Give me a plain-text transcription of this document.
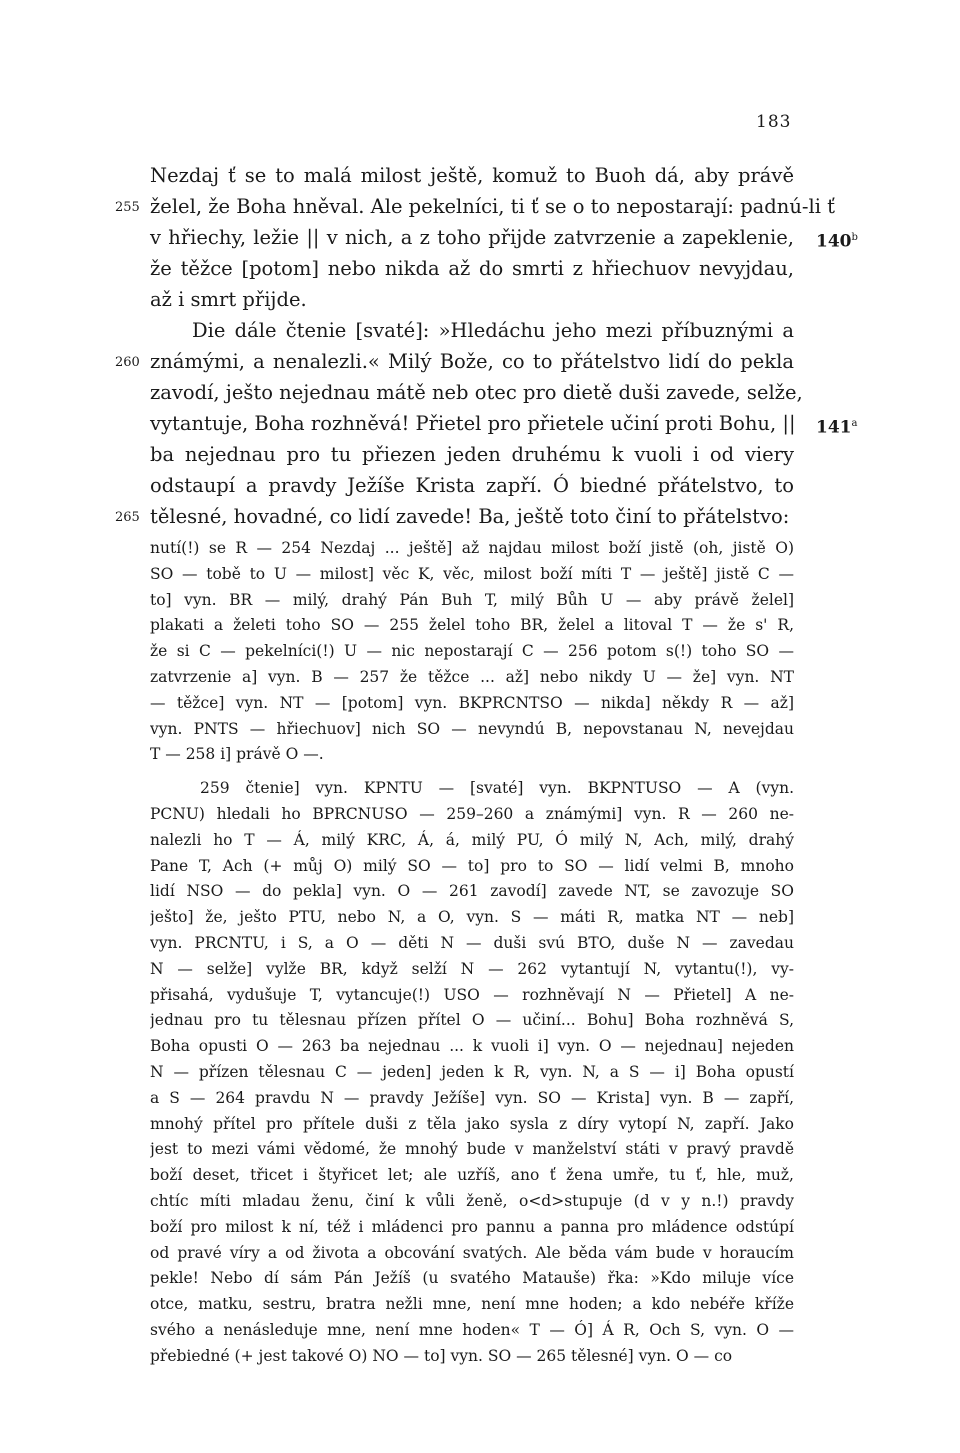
183
Nezdaj ť se to malá milost ještě, komuž to Buoh dá, aby právě
255 želel, že Boha hněval. Ale pekelníci, ti ť se o to nepostarají: padnú-li ť
v hřiechy, ležie || v nich, a z toho přijde zatvrzenie a zapeklenie, 140$^b$
že těžce [potom] nebo nikda až do smrti z hřiechuov nevyjdau,
až i smrt přijde.
Die dále čtenie [svaté]: »Hledáchu jeho mezi příbuznými a
260 známými, a nenalezli.« Milý Bože, co to přátelstvo lidí do pekla
zavodí, ješto nejednau mátě neb otec pro dietě duši zavede, selže,
vytantuje, Boha rozhněvá! Přietel pro přietele učiní proti Bohu, || 141$^a$
ba nejednau pro tu přiezen jeden druhému k vuoli i od viery
odstaupí a pravdy Ježíše Krista zapří. Ó biedné přátelstvo, to
265 tělesné, hovadné, co lidí zavede! Ba, ještě toto činí to přátelstvo:
nutí(!) se R — 254 Nezdaj ... ještě] až najdau milost boží jistě (oh, jistě O)
SO — tobě to U — milost] věc K, věc, milost boží míti T — ještě] jistě C —
to] vyn. BR — milý, drahý Pán Buh T, milý Bůh U — aby právě želel]
plakati a želeti toho SO — 255 želel toho BR, želel a litoval T — že s' R,
že si C — pekelníci(!) U — nic nepostarají C — 256 potom s(!) toho SO —
zatvrzenie a] vyn. B — 257 že těžce ... až] nebo nikdy U — že] vyn. NT
— těžce] vyn. NT — [potom] vyn. BKPRCNTSO — nikda] někdy R — až]
vyn. PNTS — hřiechuov] nich SO — nevyndú B, nepovstanau N, nevejdau
T — 258 i] právě O —.
259 čtenie] vyn. KPNTU — [svaté] vyn. BKPNTUSO — A (vyn.
PCNU) hledali ho BPRCNUSO — 259–260 a známými] vyn. R — 260 ne-
nalezli ho T — Á, milý KRC, Á, á, milý PU, Ó milý N, Ach, milý, drahý
Pane T, Ach (+ můj O) milý SO — to] pro to SO — lidí velmi B, mnoho
lidí NSO — do pekla] vyn. O — 261 zavodí] zavede NT, se zavozuje SO
ješto] že, ješto PTU, nebo N, a O, vyn. S — máti R, matka NT — neb]
vyn. PRCNTU, i S, a O — děti N — duši svú BTO, duše N — zavedau
N — selže] vylže BR, když selží N — 262 vytantují N, vytantu(!), vy-
přisahá, vydušuje T, vytancuje(!) USO — rozhněvají N — Přietel] A ne-
jednau pro tu tělesnau přízen přítel O — učiní... Bohu] Boha rozhněvá S,
Boha opusti O — 263 ba nejednau ... k vuoli i] vyn. O — nejednau] nejeden
N — přízen tělesnau C — jeden] jeden k R, vyn. N, a S — i] Boha opustí
a S — 264 pravdu N — pravdy Ježíše] vyn. SO — Krista] vyn. B — zapří,
mnohý přítel pro přítele duši z těla jako sysla z díry vytopí N, zapří. Jako
jest to mezi vámi vědomé, že mnohý bude v manželství státi v pravý pravdě
boží deset, třicet i štyřicet let; ale uzříš, ano ť žena umře, tu ť, hle, muž,
chtíc míti mladau ženu, činí k vůli ženě, o<d>stupuje (d v y n.!) pravdy
boží pro milost k ní, též i mládenci pro pannu a panna pro mládence odstúpí
od pravé víry a od života a obcování svatých. Ale běda vám bude v horaucím
pekle! Nebo dí sám Pán Ježíš (u svatého Matauše) řka: »Kdo miluje více
otce, matku, sestru, bratra nežli mne, není mne hoden; a kdo nebéře kříže
svého a nenásleduje mne, není mne hoden« T — Ó] Á R, Och S, vyn. O —
přebiedné (+ jest takové O) NO — to] vyn. SO — 265 tělesné] vyn. O — co
